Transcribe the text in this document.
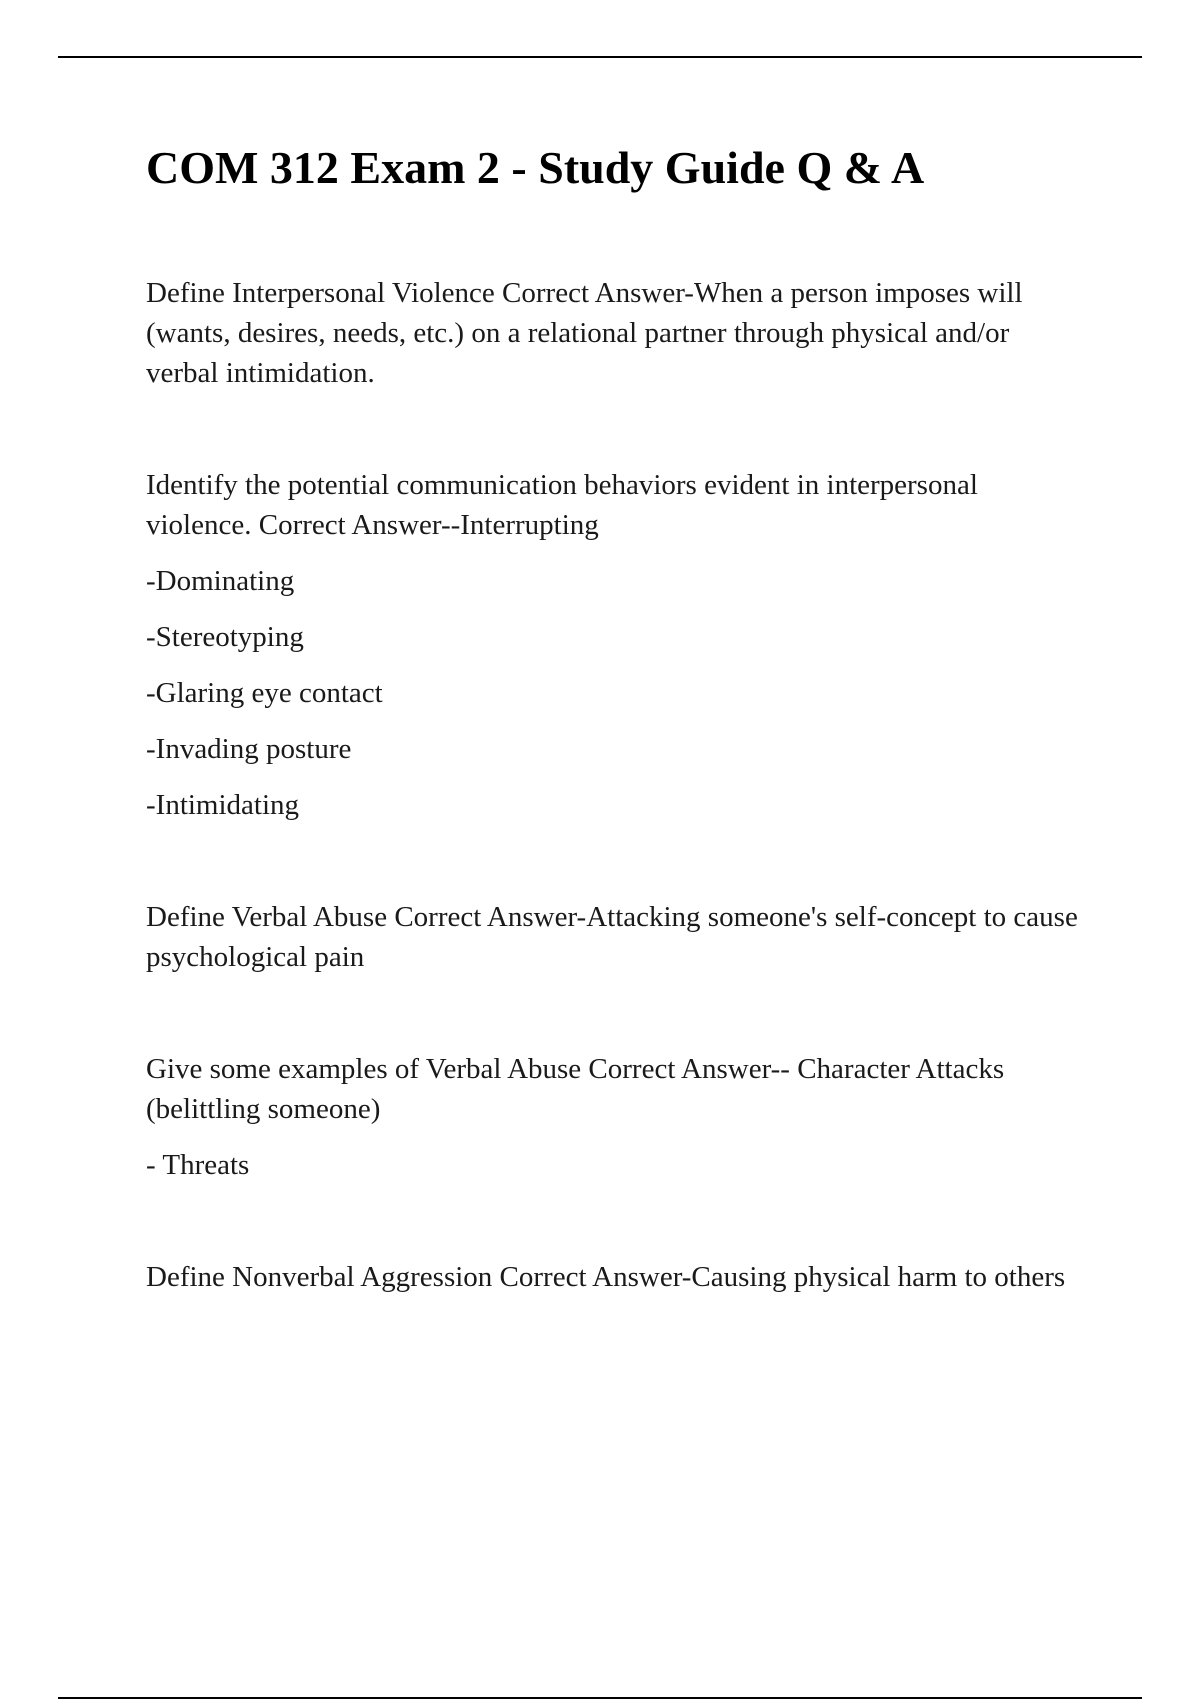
COM 312 Exam 2 - Study Guide Q & A

Define Interpersonal Violence Correct Answer-When a person imposes will (wants, desires, needs, etc.) on a relational partner through physical and/or verbal intimidation.

Identify the potential communication behaviors evident in interpersonal violence. Correct Answer--Interrupting

-Dominating

-Stereotyping

-Glaring eye contact

-Invading posture

-Intimidating

Define Verbal Abuse Correct Answer-Attacking someone's self-concept to cause psychological pain

Give some examples of Verbal Abuse Correct Answer-- Character Attacks (belittling someone)

- Threats

Define Nonverbal Aggression Correct Answer-Causing physical harm to others
